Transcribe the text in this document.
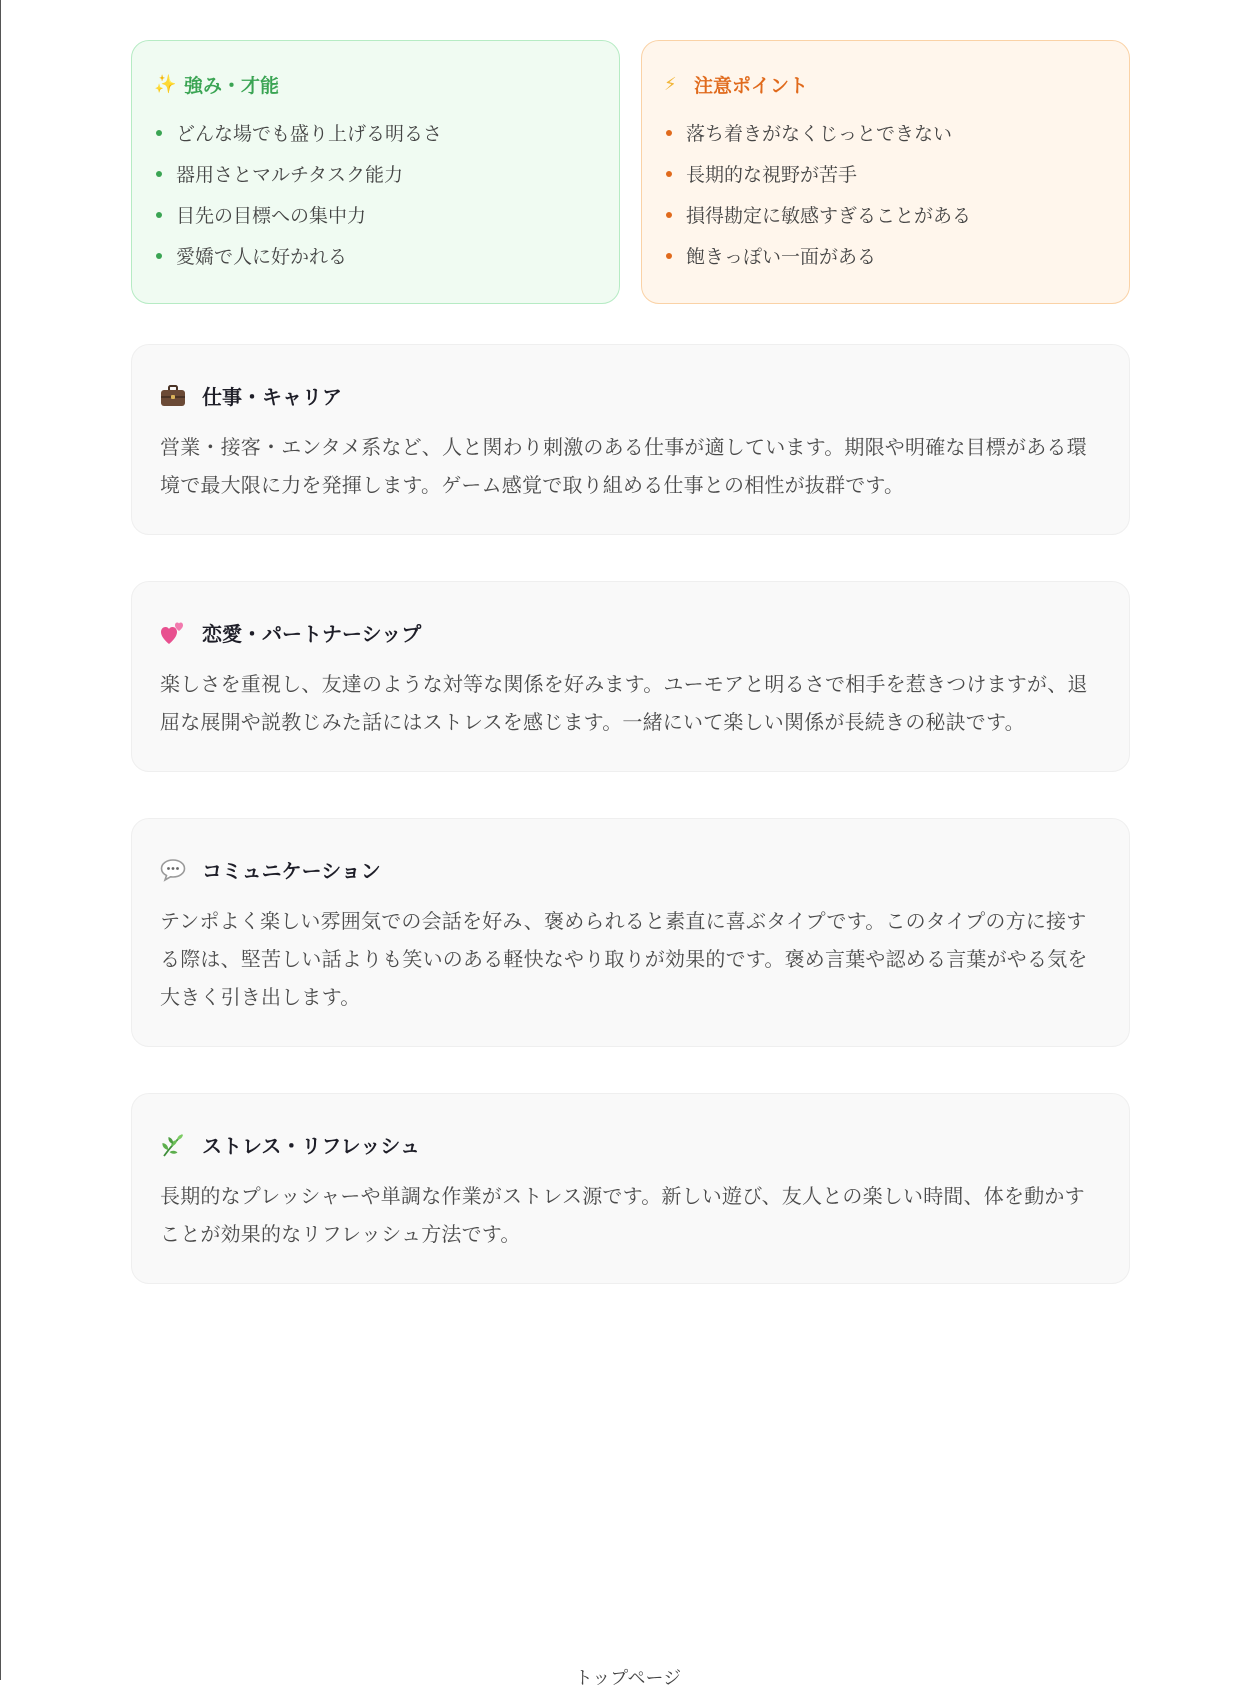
✨ 強み・才能
どんな場でも盛り上げる明るさ
器用さとマルチタスク能力
目先の目標への集中力
愛嬌で人に好かれる
⚡ 注意ポイント
落ち着きがなくじっとできない
長期的な視野が苦手
損得勘定に敏感すぎることがある
飽きっぽい一面がある
仕事・キャリア

営業・接客・エンタメ系など、人と関わり刺激のある仕事が適しています。期限や明確な目標がある環境で最大限に力を発揮します。ゲーム感覚で取り組める仕事との相性が抜群です。

恋愛・パートナーシップ

楽しさを重視し、友達のような対等な関係を好みます。ユーモアと明るさで相手を惹きつけますが、退屈な展開や説教じみた話にはストレスを感じます。一緒にいて楽しい関係が長続きの秘訣です。

コミュニケーション

テンポよく楽しい雰囲気での会話を好み、褒められると素直に喜ぶタイプです。このタイプの方に接する際は、堅苦しい話よりも笑いのある軽快なやり取りが効果的です。褒め言葉や認める言葉がやる気を大きく引き出します。

ストレス・リフレッシュ

長期的なプレッシャーや単調な作業がストレス源です。新しい遊び、友人との楽しい時間、体を動かすことが効果的なリフレッシュ方法です。

トップページ
